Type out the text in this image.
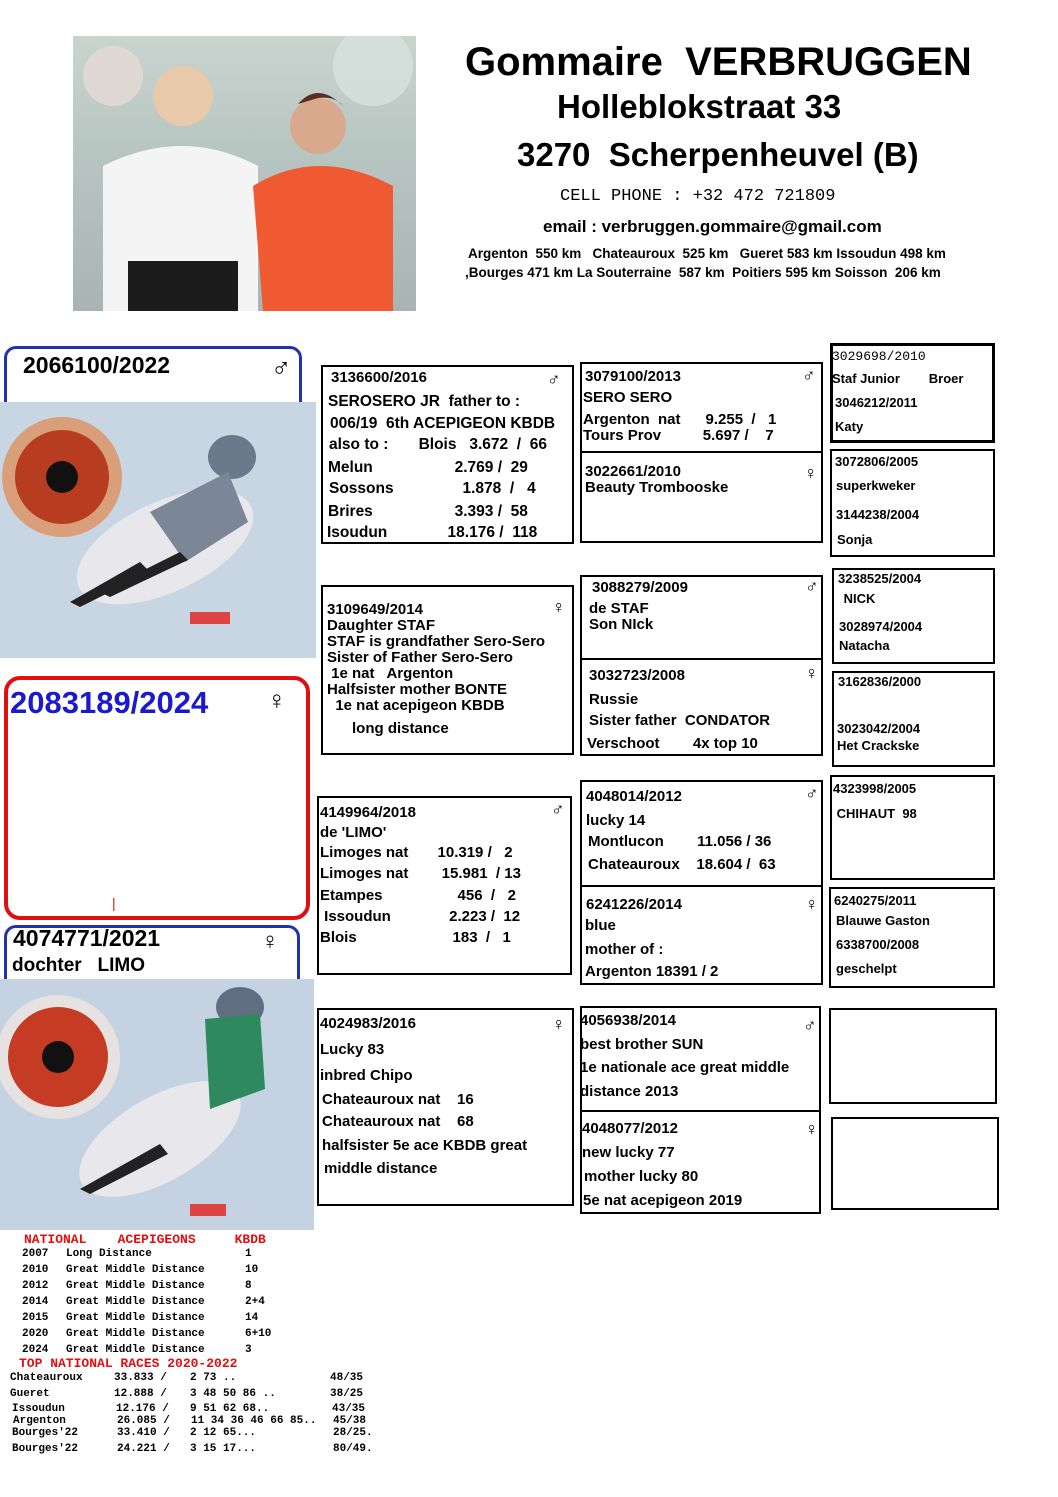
Gommaire  VERBRUGGEN
Holleblokstraat 33
3270  Scherpenheuvel (B)
CELL PHONE : +32 472 721809
email : verbruggen.gommaire@gmail.com
Argenton  550 km   Chateauroux  525 km   Gueret 583 km Issoudun 498 km
,Bourges 471 km La Souterraine  587 km  Poitiers 595 km Soisson  206 km
2066100/2022	♂
2083189/2024 ♀
|
4074771/2021	♀
dochter   LIMO
NATIONAL    ACEPIGEONS     KBDB
2007 Long Distance	1
2010 Great Middle Distance	10
2012 Great Middle Distance	8
2014 Great Middle Distance	2+4
2015 Great Middle Distance	14
2020 Great Middle Distance	6+10
2024 Great Middle Distance	3
TOP NATIONAL RACES 2020-2022
Chateauroux	33.833 / 2 73 ..	48/35
Gueret	12.888 / 3 48 50 86 ..	38/25
Issoudun	12.176 / 9 51 62 68..	43/35
Argenton	26.085 / 11 34 36 46 66 85.. 45/38
Bourges'22	33.410 / 2 12 65...	28/25.
Bourges'22	24.221 / 3 15 17...	80/49.
♂
3136600/2016
SEROSERO JR  father to :
006/19  6th ACEPIGEON KBDB
also to :       Blois   3.672  /  66
Melun                   2.769 /  29
Sossons                1.878  /   4
Brires                   3.393 /  58
Isoudun              18.176 /  118
♀
3109649/2014
Daughter STAF
STAF is grandfather Sero-Sero
Sister of Father Sero-Sero
1e nat   Argenton
Halfsister mother BONTE
1e nat acepigeon KBDB
long distance
♂
4149964/2018
de 'LIMO'
Limoges nat       10.319 /   2
Limoges nat        15.981  / 13
Etampes                  456  /   2
Issoudun              2.223 /  12
Blois                       183  /   1
♀
4024983/2016
Lucky 83
inbred Chipo
Chateauroux nat    16
Chateauroux nat    68
halfsister 5e ace KBDB great
middle distance
♂
3079100/2013
SERO SERO
Argenton  nat      9.255  /   1
Tours Prov          5.697 /    7
♀
3022661/2010
Beauty Trombooske
♂
3088279/2009
de STAF
Son NIck
♀
3032723/2008
Russie
Sister father  CONDATOR
Verschoot        4x top 10
♂
4048014/2012
lucky 14
Montlucon        11.056 / 36
Chateauroux    18.604 /  63
♀
6241226/2014
blue
mother of :
Argenton 18391 / 2
♂
4056938/2014
best brother SUN
1e nationale ace great middle
distance 2013
♀
4048077/2012
new lucky 77
mother lucky 80
5e nat acepigeon 2019
3029698/2010
Staf Junior        Broer
3046212/2011
Katy
3072806/2005
superkweker
3144238/2004
Sonja
3238525/2004
NICK
3028974/2004
Natacha
3162836/2000
3023042/2004
Het Crackske
4323998/2005
CHIHAUT  98
6240275/2011
Blauwe Gaston
6338700/2008
geschelpt
